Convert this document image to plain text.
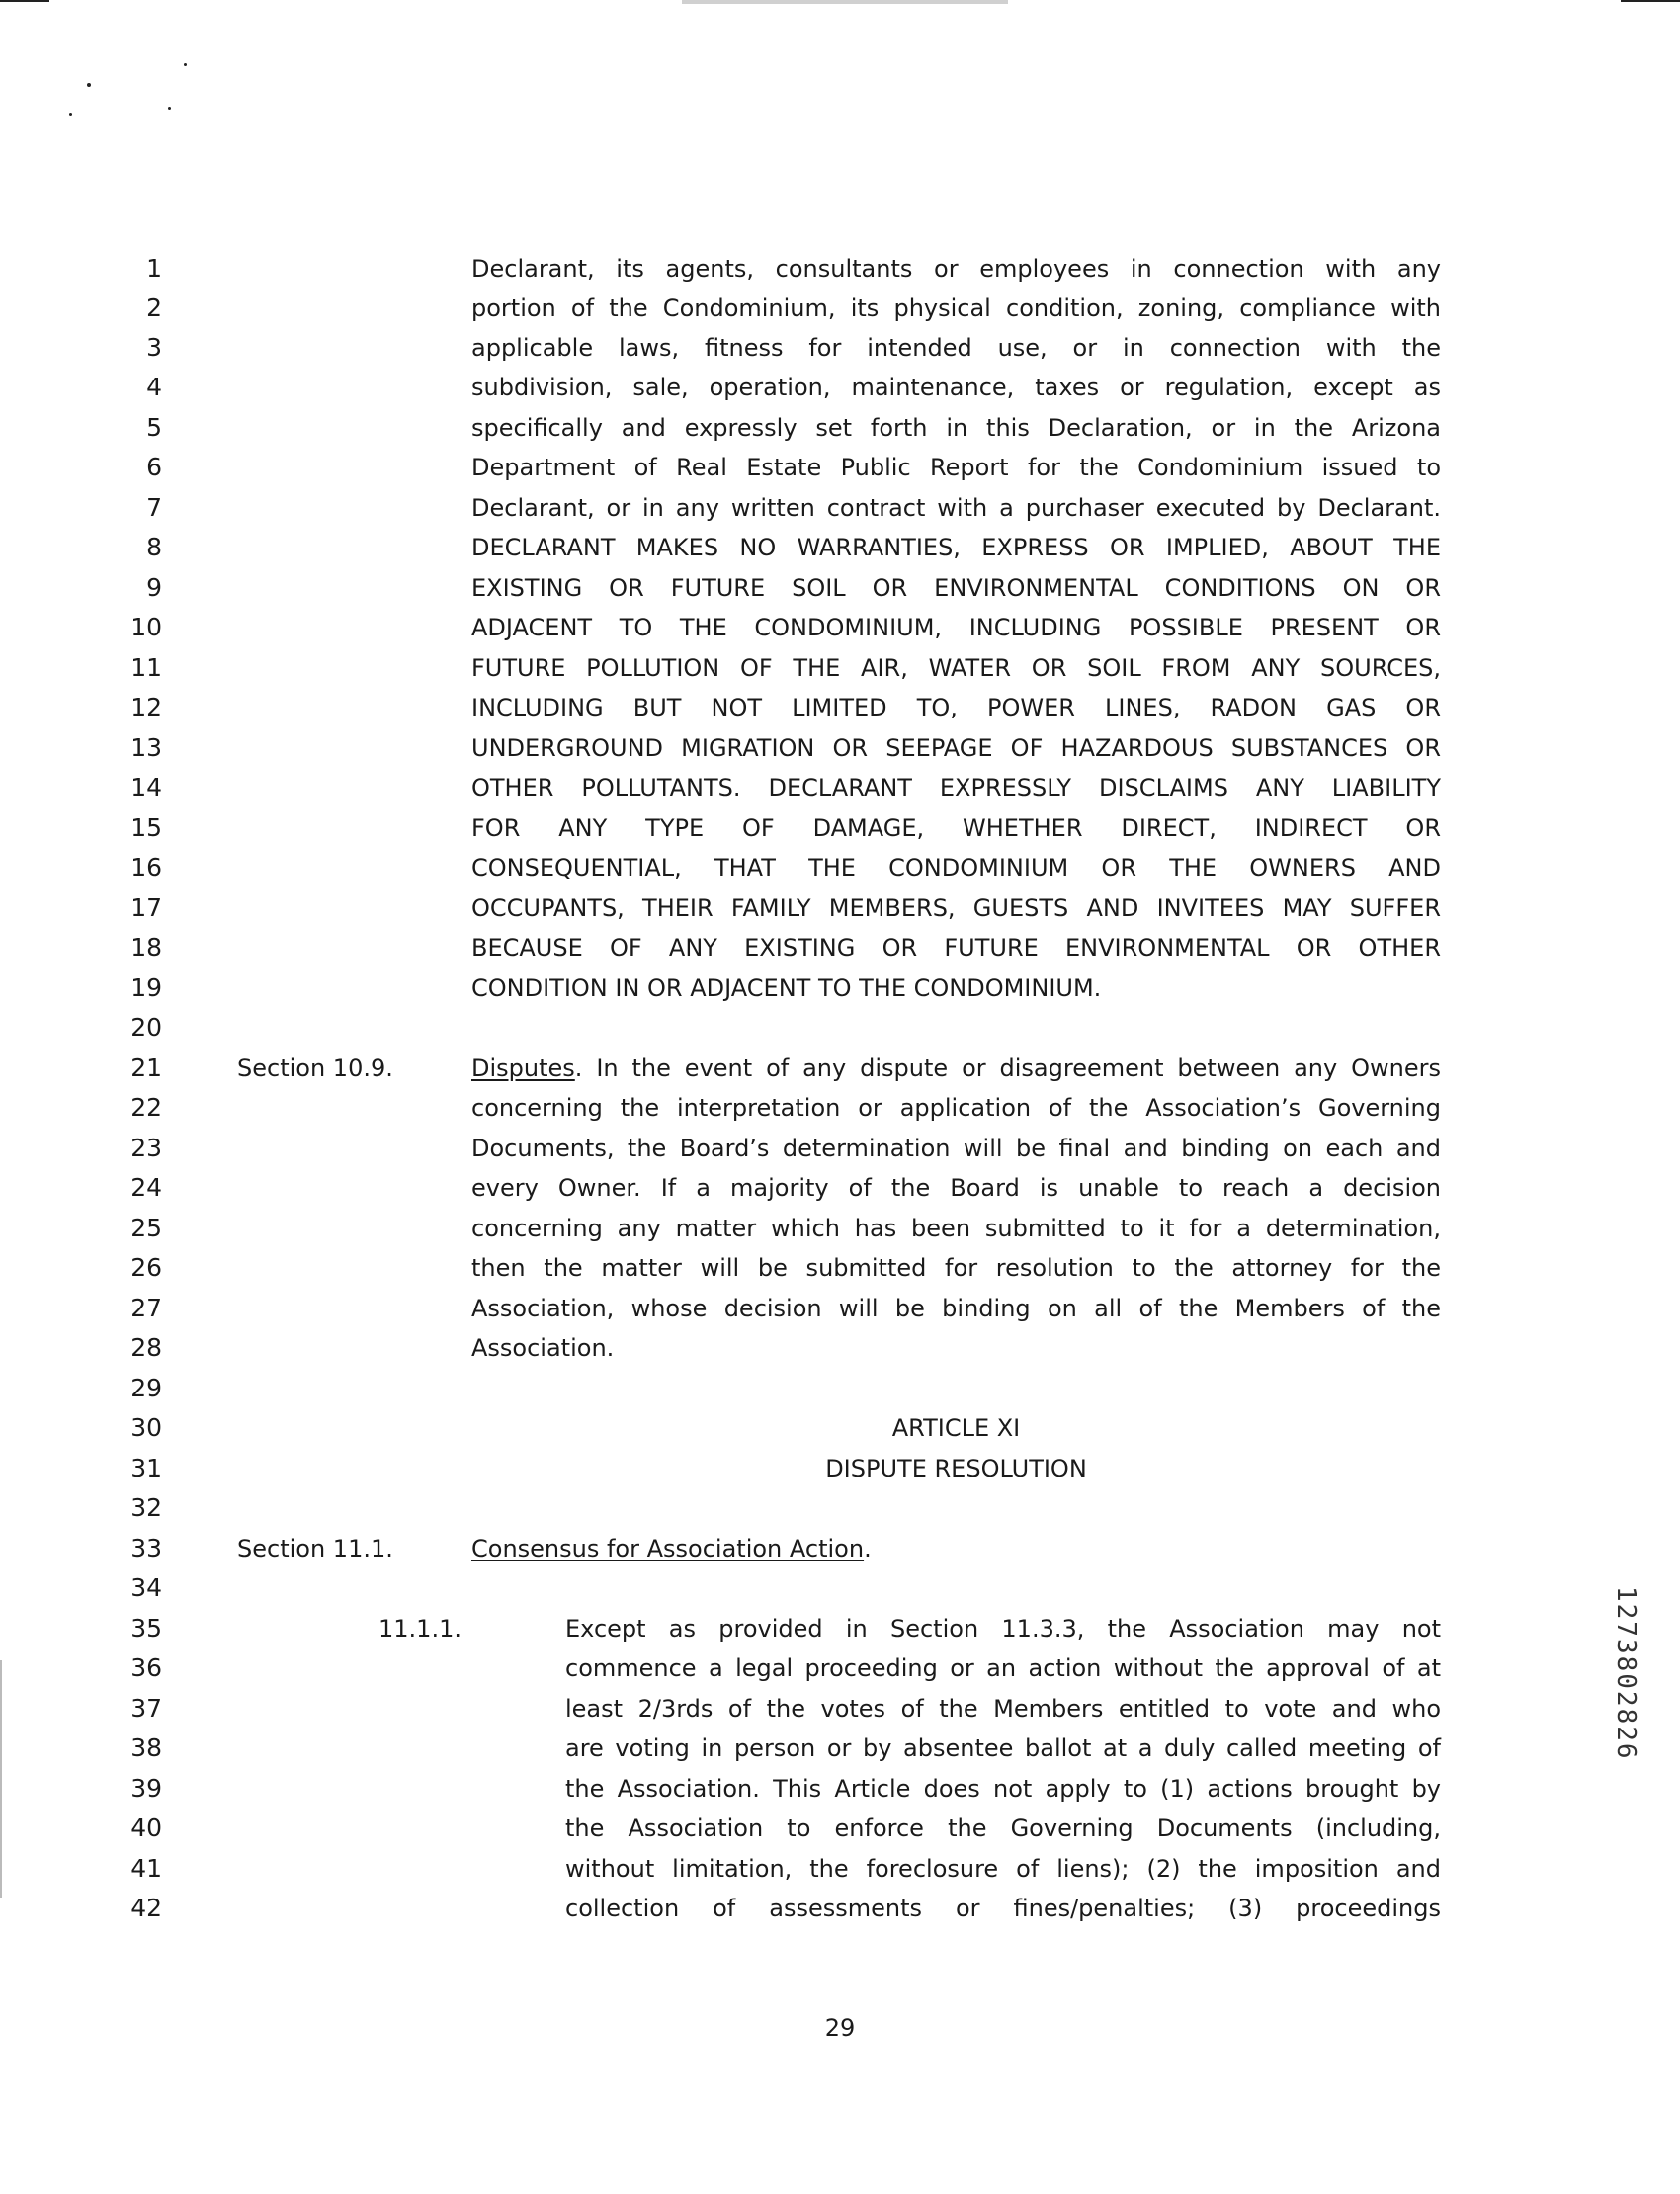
1
2
3
4
5
6
7
8
9
10
11
12
13
14
15
16
17
18
19
20
21
22
23
24
25
26
27
28
29
30
31
32
33
34
35
36
37
38
39
40
41
42
Declarant, its agents, consultants or employees in connection with any
portion of the Condominium, its physical condition, zoning, compliance with
applicable laws, fitness for intended use, or in connection with the
subdivision, sale, operation, maintenance, taxes or regulation, except as
specifically and expressly set forth in this Declaration, or in the Arizona
Department of Real Estate Public Report for the Condominium issued to
Declarant, or in any written contract with a purchaser executed by Declarant.
DECLARANT MAKES NO WARRANTIES, EXPRESS OR IMPLIED, ABOUT THE
EXISTING OR FUTURE SOIL OR ENVIRONMENTAL CONDITIONS ON OR
ADJACENT TO THE CONDOMINIUM, INCLUDING POSSIBLE PRESENT OR
FUTURE POLLUTION OF THE AIR, WATER OR SOIL FROM ANY SOURCES,
INCLUDING BUT NOT LIMITED TO, POWER LINES, RADON GAS OR
UNDERGROUND MIGRATION OR SEEPAGE OF HAZARDOUS SUBSTANCES OR
OTHER POLLUTANTS. DECLARANT EXPRESSLY DISCLAIMS ANY LIABILITY
FOR ANY TYPE OF DAMAGE, WHETHER DIRECT, INDIRECT OR
CONSEQUENTIAL, THAT THE CONDOMINIUM OR THE OWNERS AND
OCCUPANTS, THEIR FAMILY MEMBERS, GUESTS AND INVITEES MAY SUFFER
BECAUSE OF ANY EXISTING OR FUTURE ENVIRONMENTAL OR OTHER
CONDITION IN OR ADJACENT TO THE CONDOMINIUM.
Section 10.9.	Disputes. In the event of any dispute or disagreement between any Owners
concerning the interpretation or application of the Association’s Governing
Documents, the Board’s determination will be final and binding on each and
every Owner. If a majority of the Board is unable to reach a decision
concerning any matter which has been submitted to it for a determination,
then the matter will be submitted for resolution to the attorney for the
Association, whose decision will be binding on all of the Members of the
Association.
ARTICLE XI
DISPUTE RESOLUTION
Section 11.1.	Consensus for Association Action.
11.1.1.	Except as provided in Section 11.3.3, the Association may not
commence a legal proceeding or an action without the approval of at
least 2/3rds of the votes of the Members entitled to vote and who
are voting in person or by absentee ballot at a duly called meeting of
the Association. This Article does not apply to (1) actions brought by
the Association to enforce the Governing Documents (including,
without limitation, the foreclosure of liens); (2) the imposition and
collection of assessments or fines/penalties; (3) proceedings
29
1273802826
